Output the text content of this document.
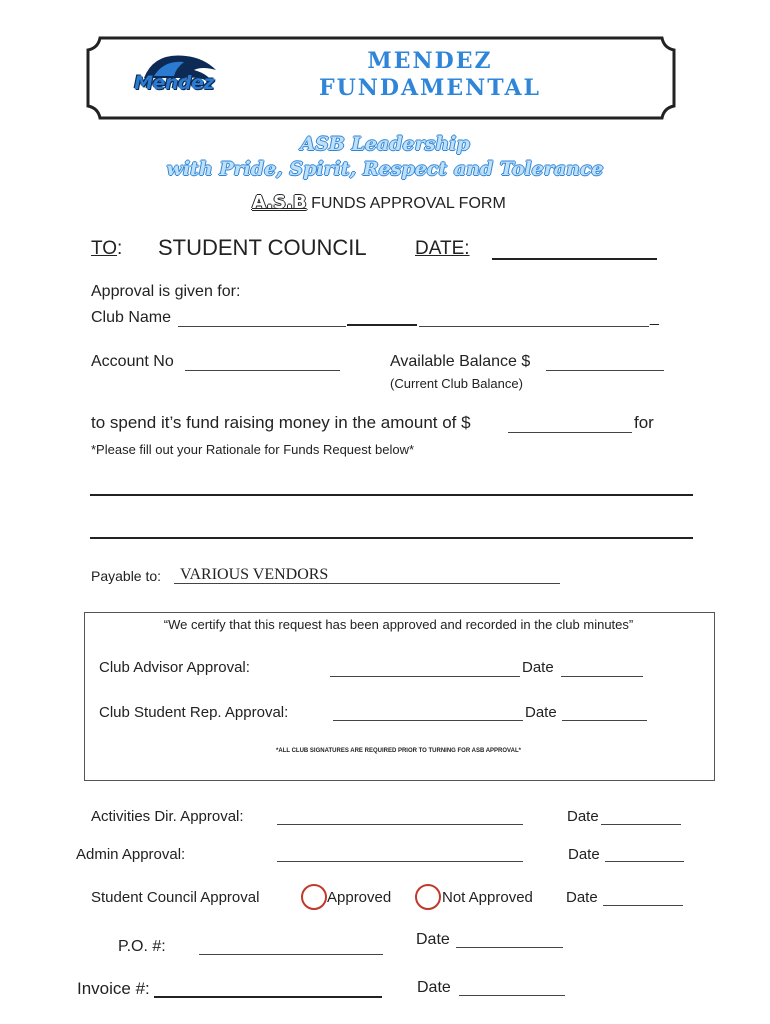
Mendez
MENDEZ
FUNDAMENTAL
ASB Leadership
with Pride, Spirit, Respect and Tolerance
A.S.B FUNDS APPROVAL FORM
TO: STUDENT COUNCIL	DATE:
Approval is given for:
Club Name	_
Account No	Available Balance $
(Current Club Balance)
to spend it’s fund raising money in the amount of $	for
*Please fill out your Rationale for Funds Request below*
Payable to: VARIOUS VENDORS
“We certify that this request has been approved and recorded in the club minutes”
Club Advisor Approval:	Date
Club Student Rep. Approval:	Date
*ALL CLUB SIGNATURES ARE REQUIRED PRIOR TO TURNING FOR ASB APPROVAL*
Activities Dir. Approval:	Date
Admin Approval:	Date
Student Council Approval	Approved	Not Approved Date
P.O. #:	Date
Invoice #:	Date
